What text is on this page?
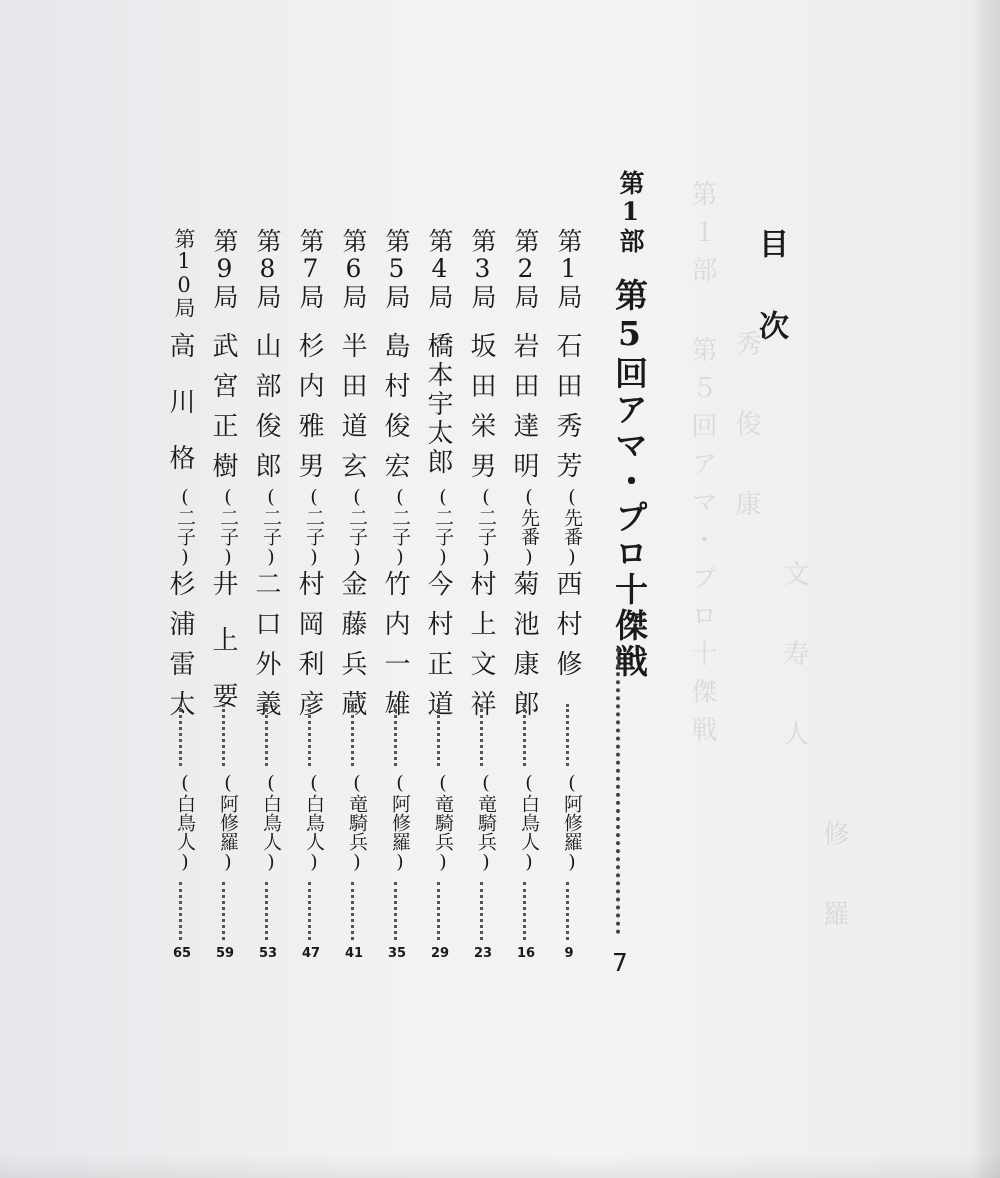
第１部 第５回アマ・プロ十傑戦 秀 俊 康
文 寿 人
修 羅
目次
第1部
第5回アマ・プロ十傑戦
7
第1局
石田秀芳
(先番)
西村修
(阿修羅)
9
第2局
岩田達明
(先番)
菊池康郎
(白鳥人)
16
第3局
坂田栄男
(二子)
村上文祥
(竜騎兵)
23
第4局
橋本宇太郎
(二子)
今村正道
(竜騎兵)
29
第5局
島村俊宏
(二子)
竹内一雄
(阿修羅)
35
第6局
半田道玄
(二子)
金藤兵蔵
(竜騎兵)
41
第7局
杉内雅男
(二子)
村岡利彦
(白鳥人)
47
第8局
山部俊郎
(二子)
二口外義
(白鳥人)
53
第9局
武宮正樹
(二子)
井上要
(阿修羅)
59
第10局
高川格
(二子)
杉浦雷太
(白鳥人)
65
